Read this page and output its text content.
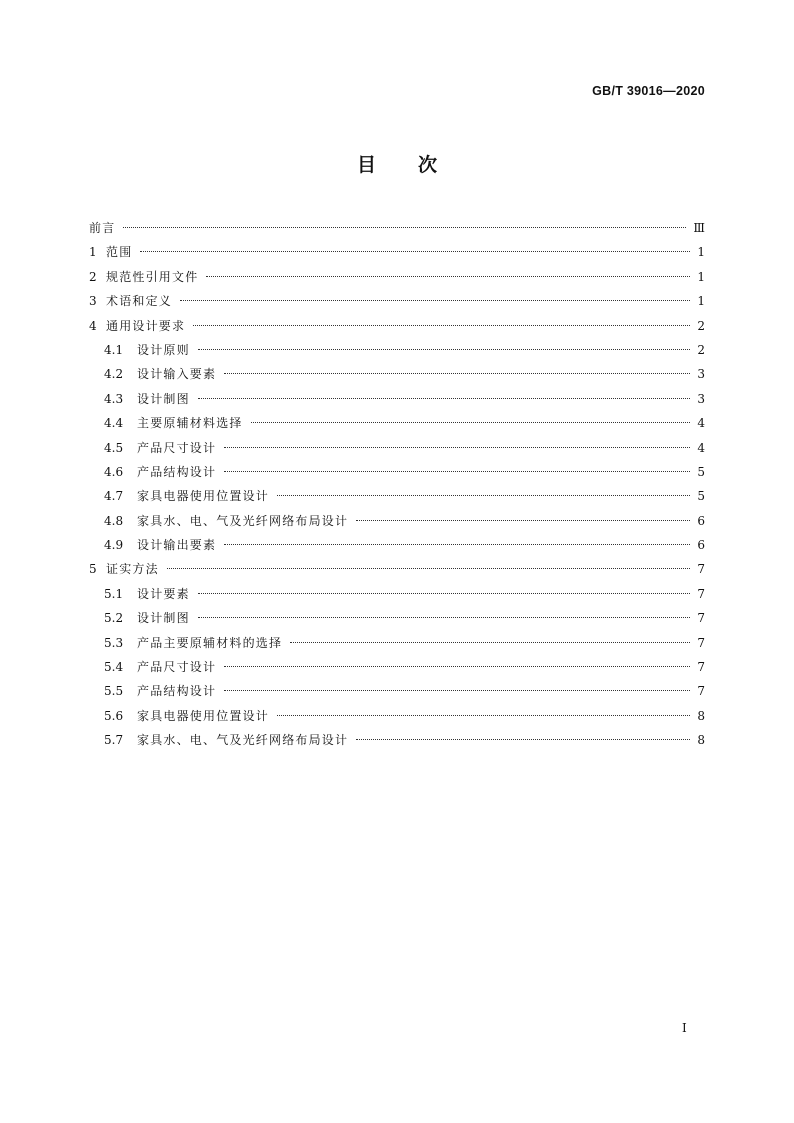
GB/T 39016—2020
目次
前言	Ⅲ
1 范围	1
2 规范性引用文件	1
3 术语和定义	1
4 通用设计要求	2
4.1	设计原则	2
4.2	设计输入要素	3
4.3	设计制图	3
4.4	主要原辅材料选择	4
4.5	产品尺寸设计	4
4.6	产品结构设计	5
4.7	家具电器使用位置设计	5
4.8	家具水、电、气及光纤网络布局设计	6
4.9	设计输出要素	6
5 证实方法	7
5.1	设计要素	7
5.2	设计制图	7
5.3	产品主要原辅材料的选择	7
5.4	产品尺寸设计	7
5.5	产品结构设计	7
5.6	家具电器使用位置设计	8
5.7	家具水、电、气及光纤网络布局设计	8
I
